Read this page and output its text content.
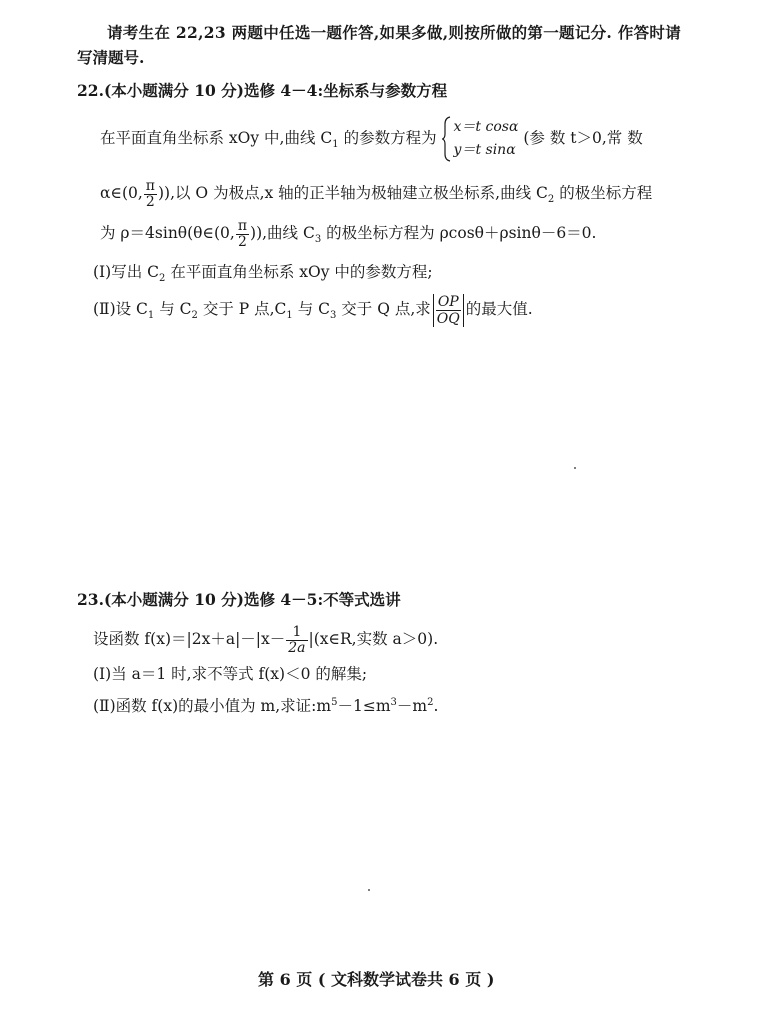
请考生在 22,23 两题中任选一题作答,如果多做,则按所做的第一题记分. 作答时请
写清题号.
22.(本小题满分 10 分)选修 4－4:坐标系与参数方程
在平面直角坐标系 xOy 中,曲线 $C_1$ 的参数方程为
x＝t cosα
y＝t sinα
(参 数 t＞0,常 数
α∈(0, $\frac{\pi}{2}$ )),以 O 为极点,x 轴的正半轴为极轴建立极坐标系,曲线 $C_2$ 的极坐标方程
为 ρ＝4sinθ(θ∈(0, $\frac{\pi}{2}$ )),曲线 $C_3$ 的极坐标方程为 ρcosθ＋ρsinθ－6＝0.
(Ⅰ)写出 $C_2$ 在平面直角坐标系 xOy 中的参数方程;
(Ⅱ)设 $C_1$ 与 $C_2$ 交于 P 点$,C_1$ 与 $C_3$ 交于 Q 点,求 $\frac{OP}{OQ}$ 的最大值.
23.(本小题满分 10 分)选修 4－5:不等式选讲
设函数 $f(x)=|2x+a|-|x- \frac{1}{2a}$ |(x∈R,实数 a＞0).
(Ⅰ)当 a＝1 时,求不等式 f(x)＜0 的解集;
(Ⅱ)函数 f(x)的最小值为 m,求证$:m^5-1\le m^3-m^2$.
第 6 页 ( 文科数学试卷共 6 页 )
